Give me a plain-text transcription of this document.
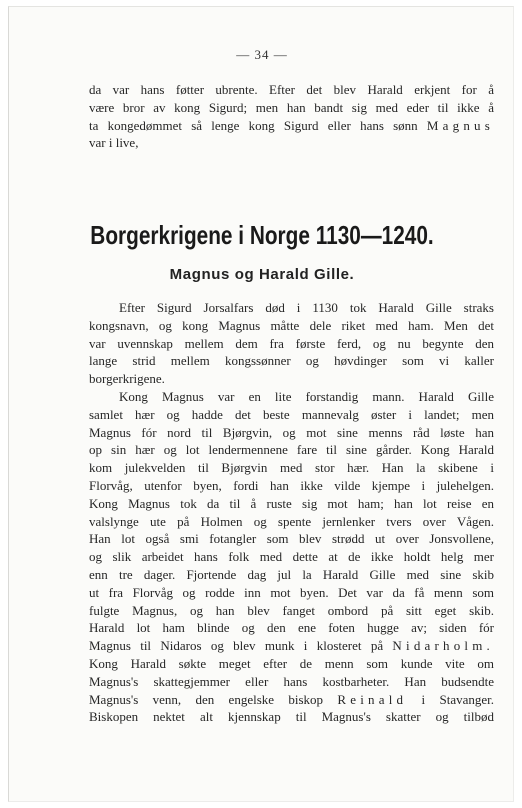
— 34 —
da var hans føtter ubrente. Efter det blev Harald erkjent for å
være bror av kong Sigurd; men han bandt sig med eder til ikke å
ta kongedømmet så lenge kong Sigurd eller hans sønn Magnus
var i live,
Borgerkrigene i Norge 1130—1240.
Magnus og Harald Gille.
Efter Sigurd Jorsalfars død i 1130 tok Harald Gille straks
kongsnavn, og kong Magnus måtte dele riket med ham. Men det
var uvennskap mellem dem fra første ferd, og nu begynte den
lange strid mellem kongssønner og høvdinger som vi kaller
borgerkrigene.
Kong Magnus var en lite forstandig mann. Harald Gille
samlet hær og hadde det beste mannevalg øster i landet; men
Magnus fór nord til Bjørgvin, og mot sine menns råd løste han
op sin hær og lot lendermennene fare til sine gårder. Kong Harald
kom julekvelden til Bjørgvin med stor hær. Han la skibene i
Florvåg, utenfor byen, fordi han ikke vilde kjempe i julehelgen.
Kong Magnus tok da til å ruste sig mot ham; han lot reise en
valslynge ute på Holmen og spente jernlenker tvers over Vågen.
Han lot også smi fotangler som blev strødd ut over Jonsvollene,
og slik arbeidet hans folk med dette at de ikke holdt helg mer
enn tre dager. Fjortende dag jul la Harald Gille med sine skib
ut fra Florvåg og rodde inn mot byen. Det var da få menn som
fulgte Magnus, og han blev fanget ombord på sitt eget skib.
Harald lot ham blinde og den ene foten hugge av; siden fór
Magnus til Nidaros og blev munk i klosteret på Nidarholm.
Kong Harald søkte meget efter de menn som kunde vite om
Magnus's skattegjemmer eller hans kostbarheter. Han budsendte
Magnus's venn, den engelske biskop Reinald i Stavanger.
Biskopen nektet alt kjennskap til Magnus's skatter og tilbød
